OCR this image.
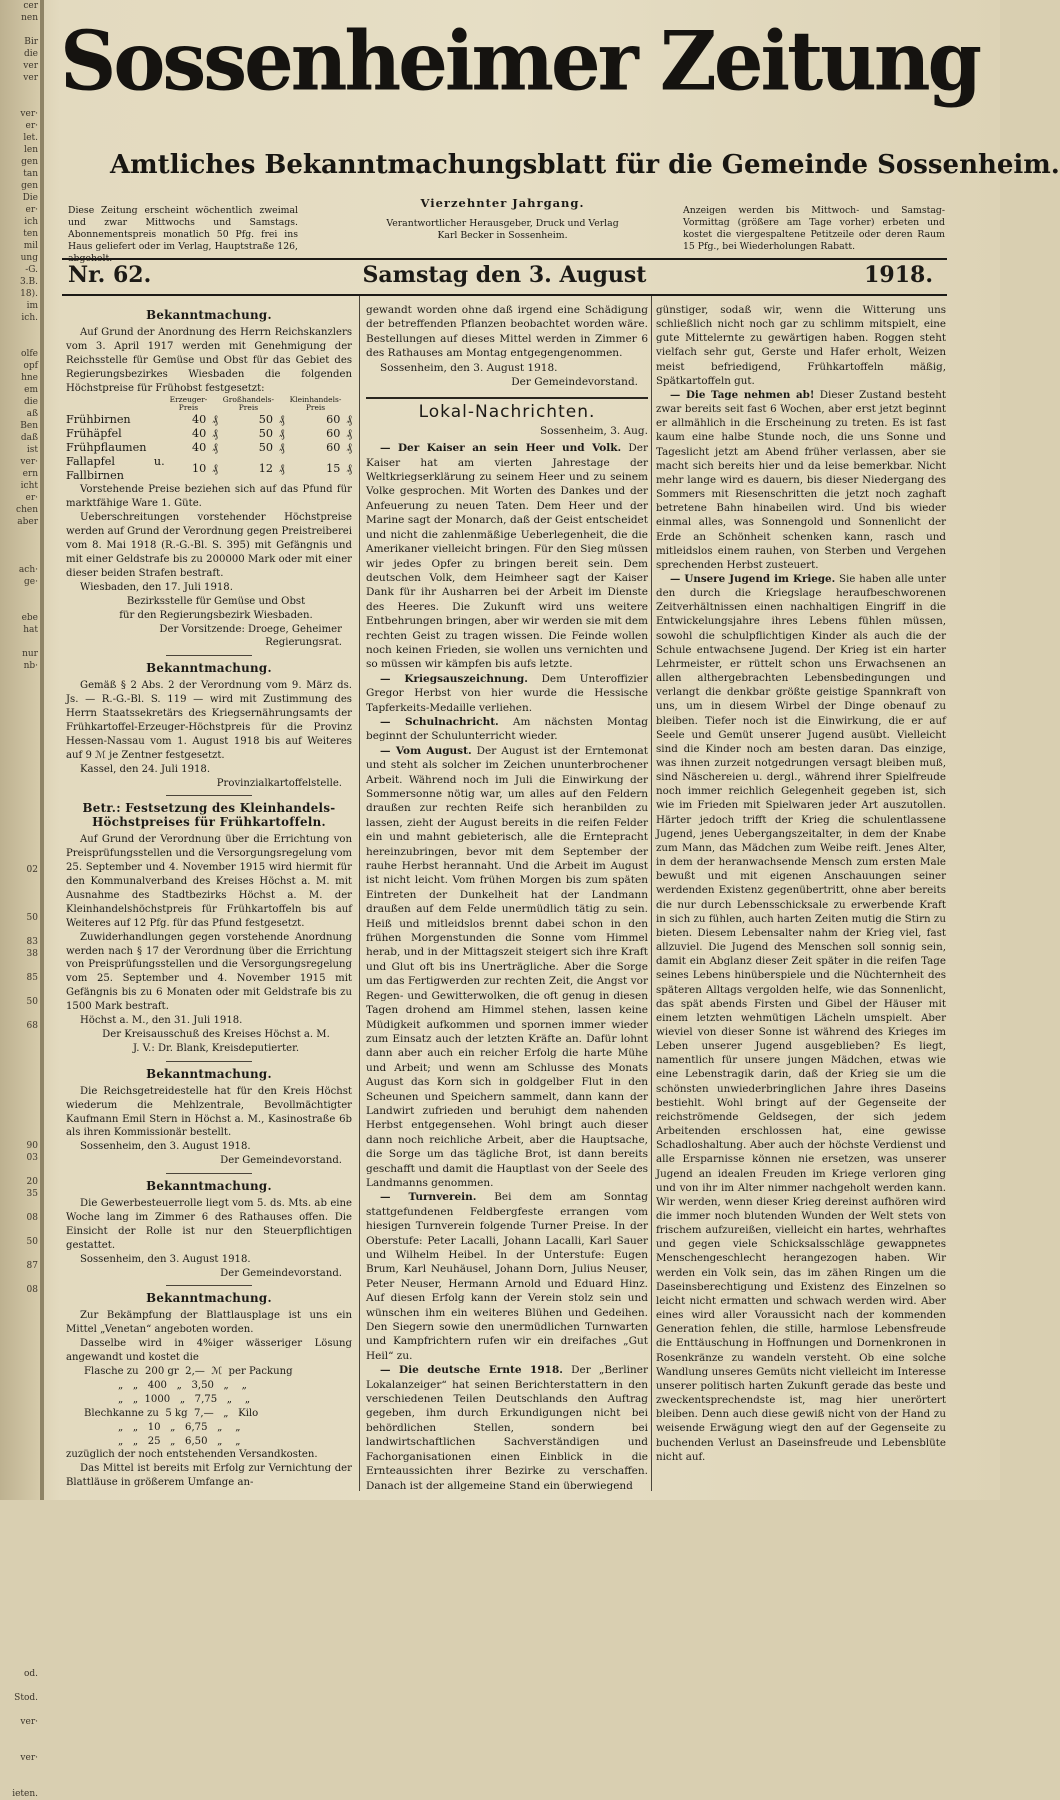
cer
nen
Bir
die
ver
ver
ver·
er·
let.
len
gen
tan
gen
Die
er·
ich
ten
mil
ung
-G.
3.B.
18).
im
ich.
olfe
opf
hne
em
die
aß
Ben
daß
ist
ver·
ern
icht
er·
chen
aber
ach·
ge·
ebe
hat
nur
nb·
02
50
83
38
85
50
68
90
03
20
35
08
50
87
08
od.
Stod.
ver·
ver·
ieten.
Sossenheimer Zeitung
Amtliches Bekanntmachungsblatt für die Gemeinde Sossenheim.
Diese Zeitung erscheint wöchentlich zweimal und zwar Mittwochs und Samstags. Abonnementspreis monatlich 50 Pfg. frei ins Haus geliefert oder im Verlag, Hauptstraße 126, abgeholt.
Vierzehnter Jahrgang.
Verantwortlicher Herausgeber, Druck und Verlag Karl Becker in Sossenheim.
Anzeigen werden bis Mittwoch- und Samstag-Vormittag (größere am Tage vorher) erbeten und kostet die viergespaltene Petitzeile oder deren Raum 15 Pfg., bei Wiederholungen Rabatt.
Nr. 62.	Samstag den 3. August	1918.
Bekanntmachung.

Auf Grund der Anordnung des Herrn Reichskanzlers vom 3. April 1917 werden mit Genehmigung der Reichsstelle für Gemüse und Obst für das Gebiet des Regierungsbezirkes Wiesbaden die folgenden Höchstpreise für Frühobst festgesetzt:

	Erzeuger-Preis		Großhandels-Preis		Kleinhandels-Preis	
Frühbirnen	40	₰	50	₰	60	₰
Frühäpfel	40	₰	50	₰	60	₰
Frühpflaumen	40	₰	50	₰	60	₰
Fallapfel u. Fallbirnen	10	₰	12	₰	15	₰

Vorstehende Preise beziehen sich auf das Pfund für marktfähige Ware 1. Güte.

Ueberschreitungen vorstehender Höchstpreise werden auf Grund der Verordnung gegen Preistreiberei vom 8. Mai 1918 (R.-G.-Bl. S. 395) mit Gefängnis und mit einer Geldstrafe bis zu 200000 Mark oder mit einer dieser beiden Strafen bestraft.

Wiesbaden, den 17. Juli 1918.

Bezirksstelle für Gemüse und Obst

für den Regierungsbezirk Wiesbaden.

Der Vorsitzende: Droege, Geheimer Regierungsrat.

Bekanntmachung.

Gemäß § 2 Abs. 2 der Verordnung vom 9. März ds. Js. — R.-G.-Bl. S. 119 — wird mit Zustimmung des Herrn Staatssekretärs des Kriegsernährungsamts der Frühkartoffel-Erzeuger-Höchstpreis für die Provinz Hessen-Nassau vom 1. August 1918 bis auf Weiteres auf 9 ℳ je Zentner festgesetzt.

Kassel, den 24. Juli 1918.

Provinzialkartoffelstelle.

Betr.: Festsetzung des Kleinhandels-Höchstpreises für Frühkartoffeln.

Auf Grund der Verordnung über die Errichtung von Preisprüfungsstellen und die Versorgungsregelung vom 25. September und 4. November 1915 wird hiermit für den Kommunalverband des Kreises Höchst a. M. mit Ausnahme des Stadtbezirks Höchst a. M. der Kleinhandelshöchstpreis für Frühkartoffeln bis auf Weiteres auf 12 Pfg. für das Pfund festgesetzt.

Zuwiderhandlungen gegen vorstehende Anordnung werden nach § 17 der Verordnung über die Errichtung von Preisprüfungsstellen und die Versorgungsregelung vom 25. September und 4. November 1915 mit Gefängnis bis zu 6 Monaten oder mit Geldstrafe bis zu 1500 Mark bestraft.

Höchst a. M., den 31. Juli 1918.

Der Kreisausschuß des Kreises Höchst a. M.

J. V.: Dr. Blank, Kreisdeputierter.

Bekanntmachung.

Die Reichsgetreidestelle hat für den Kreis Höchst wiederum die Mehlzentrale, Bevollmächtigter Kaufmann Emil Stern in Höchst a. M., Kasinostraße 6b als ihren Kommissionär bestellt.

Sossenheim, den 3. August 1918.

Der Gemeindevorstand.

Bekanntmachung.

Die Gewerbesteuerrolle liegt vom 5. ds. Mts. ab eine Woche lang im Zimmer 6 des Rathauses offen. Die Einsicht der Rolle ist nur den Steuerpflichtigen gestattet.

Sossenheim, den 3. August 1918.

Der Gemeindevorstand.

Bekanntmachung.

Zur Bekämpfung der Blattlausplage ist uns ein Mittel „Venetan“ angeboten worden.

Dasselbe wird in 4%iger wässeriger Lösung angewandt und kostet die

Flasche zu  200 gr  2,—  ℳ  per Packung

„   „   400   „   3,50   „    „

„   „  1000   „   7,75   „    „

Blechkanne zu  5 kg  7,—   „   Kilo

„   „   10   „   6,75   „    „

„   „   25   „   6,50   „    „

zuzüglich der noch entstehenden Versandkosten.

Das Mittel ist bereits mit Erfolg zur Vernichtung der Blattläuse in größerem Umfange an-

gewandt worden ohne daß irgend eine Schädigung der betreffenden Pflanzen beobachtet worden wäre. Bestellungen auf dieses Mittel werden in Zimmer 6 des Rathauses am Montag entgegengenommen.

Sossenheim, den 3. August 1918.

Der Gemeindevorstand.

Lokal-Nachrichten.
Sossenheim, 3. Aug.

— Der Kaiser an sein Heer und Volk. Der Kaiser hat am vierten Jahrestage der Weltkriegserklärung zu seinem Heer und zu seinem Volke gesprochen. Mit Worten des Dankes und der Anfeuerung zu neuen Taten. Dem Heer und der Marine sagt der Monarch, daß der Geist entscheidet und nicht die zahlenmäßige Ueberlegenheit, die die Amerikaner vielleicht bringen. Für den Sieg müssen wir jedes Opfer zu bringen bereit sein. Dem deutschen Volk, dem Heimheer sagt der Kaiser Dank für ihr Ausharren bei der Arbeit im Dienste des Heeres. Die Zukunft wird uns weitere Entbehrungen bringen, aber wir werden sie mit dem rechten Geist zu tragen wissen. Die Feinde wollen noch keinen Frieden, sie wollen uns vernichten und so müssen wir kämpfen bis aufs letzte.

— Kriegsauszeichnung. Dem Unteroffizier Gregor Herbst von hier wurde die Hessische Tapferkeits-Medaille verliehen.

— Schulnachricht. Am nächsten Montag beginnt der Schulunterricht wieder.

— Vom August. Der August ist der Erntemonat und steht als solcher im Zeichen ununterbrochener Arbeit. Während noch im Juli die Einwirkung der Sommersonne nötig war, um alles auf den Feldern draußen zur rechten Reife sich heranbilden zu lassen, zieht der August bereits in die reifen Felder ein und mahnt gebieterisch, alle die Erntepracht hereinzubringen, bevor mit dem September der rauhe Herbst herannaht. Und die Arbeit im August ist nicht leicht. Vom frühen Morgen bis zum späten Eintreten der Dunkelheit hat der Landmann draußen auf dem Felde unermüdlich tätig zu sein. Heiß und mitleidslos brennt dabei schon in den frühen Morgenstunden die Sonne vom Himmel herab, und in der Mittagszeit steigert sich ihre Kraft und Glut oft bis ins Unerträgliche. Aber die Sorge um das Fertigwerden zur rechten Zeit, die Angst vor Regen- und Gewitterwolken, die oft genug in diesen Tagen drohend am Himmel stehen, lassen keine Müdigkeit aufkommen und spornen immer wieder zum Einsatz auch der letzten Kräfte an. Dafür lohnt dann aber auch ein reicher Erfolg die harte Mühe und Arbeit; und wenn am Schlusse des Monats August das Korn sich in goldgelber Flut in den Scheunen und Speichern sammelt, dann kann der Landwirt zufrieden und beruhigt dem nahenden Herbst entgegensehen. Wohl bringt auch dieser dann noch reichliche Arbeit, aber die Hauptsache, die Sorge um das tägliche Brot, ist dann bereits geschafft und damit die Hauptlast von der Seele des Landmanns genommen.

— Turnverein. Bei dem am Sonntag stattgefundenen Feldbergfeste errangen vom hiesigen Turnverein folgende Turner Preise. In der Oberstufe: Peter Lacalli, Johann Lacalli, Karl Sauer und Wilhelm Heibel. In der Unterstufe: Eugen Brum, Karl Neuhäusel, Johann Dorn, Julius Neuser, Peter Neuser, Hermann Arnold und Eduard Hinz. Auf diesen Erfolg kann der Verein stolz sein und wünschen ihm ein weiteres Blühen und Gedeihen. Den Siegern sowie den unermüdlichen Turnwarten und Kampfrichtern rufen wir ein dreifaches „Gut Heil“ zu.

— Die deutsche Ernte 1918. Der „Berliner Lokalanzeiger“ hat seinen Berichterstattern in den verschiedenen Teilen Deutschlands den Auftrag gegeben, ihm durch Erkundigungen nicht bei behördlichen Stellen, sondern bei landwirtschaftlichen Sachverständigen und Fachorganisationen einen Einblick in die Ernteaussichten ihrer Bezirke zu verschaffen. Danach ist der allgemeine Stand ein überwiegend

günstiger, sodaß wir, wenn die Witterung uns schließlich nicht noch gar zu schlimm mitspielt, eine gute Mittelernte zu gewärtigen haben. Roggen steht vielfach sehr gut, Gerste und Hafer erholt, Weizen meist befriedigend, Frühkartoffeln mäßig, Spätkartoffeln gut.

— Die Tage nehmen ab! Dieser Zustand besteht zwar bereits seit fast 6 Wochen, aber erst jetzt beginnt er allmählich in die Erscheinung zu treten. Es ist fast kaum eine halbe Stunde noch, die uns Sonne und Tageslicht jetzt am Abend früher verlassen, aber sie macht sich bereits hier und da leise bemerkbar. Nicht mehr lange wird es dauern, bis dieser Niedergang des Sommers mit Riesenschritten die jetzt noch zaghaft betretene Bahn hinabeilen wird. Und bis wieder einmal alles, was Sonnengold und Sonnenlicht der Erde an Schönheit schenken kann, rasch und mitleidslos einem rauhen, von Sterben und Vergehen sprechenden Herbst zusteuert.

— Unsere Jugend im Kriege. Sie haben alle unter den durch die Kriegslage heraufbeschworenen Zeitverhältnissen einen nachhaltigen Eingriff in die Entwickelungsjahre ihres Lebens fühlen müssen, sowohl die schulpflichtigen Kinder als auch die der Schule entwachsene Jugend. Der Krieg ist ein harter Lehrmeister, er rüttelt schon uns Erwachsenen an allen althergebrachten Lebensbedingungen und verlangt die denkbar größte geistige Spannkraft von uns, um in diesem Wirbel der Dinge obenauf zu bleiben. Tiefer noch ist die Einwirkung, die er auf Seele und Gemüt unserer Jugend ausübt. Vielleicht sind die Kinder noch am besten daran. Das einzige, was ihnen zurzeit notgedrungen versagt bleiben muß, sind Näschereien u. dergl., während ihrer Spielfreude noch immer reichlich Gelegenheit gegeben ist, sich wie im Frieden mit Spielwaren jeder Art auszutollen. Härter jedoch trifft der Krieg die schulentlassene Jugend, jenes Uebergangszeitalter, in dem der Knabe zum Mann, das Mädchen zum Weibe reift. Jenes Alter, in dem der heranwachsende Mensch zum ersten Male bewußt und mit eigenen Anschauungen seiner werdenden Existenz gegenübertritt, ohne aber bereits die nur durch Lebensschicksale zu erwerbende Kraft in sich zu fühlen, auch harten Zeiten mutig die Stirn zu bieten. Diesem Lebensalter nahm der Krieg viel, fast allzuviel. Die Jugend des Menschen soll sonnig sein, damit ein Abglanz dieser Zeit später in die reifen Tage seines Lebens hinüberspiele und die Nüchternheit des späteren Alltags vergolden helfe, wie das Sonnenlicht, das spät abends Firsten und Gibel der Häuser mit einem letzten wehmütigen Lächeln umspielt. Aber wieviel von dieser Sonne ist während des Krieges im Leben unserer Jugend ausgeblieben? Es liegt, namentlich für unsere jungen Mädchen, etwas wie eine Lebenstragik darin, daß der Krieg sie um die schönsten unwiederbringlichen Jahre ihres Daseins bestiehlt. Wohl bringt auf der Gegenseite der reichströmende Geldsegen, der sich jedem Arbeitenden erschlossen hat, eine gewisse Schadloshaltung. Aber auch der höchste Verdienst und alle Ersparnisse können nie ersetzen, was unserer Jugend an idealen Freuden im Kriege verloren ging und von ihr im Alter nimmer nachgeholt werden kann. Wir werden, wenn dieser Krieg dereinst aufhören wird die immer noch blutenden Wunden der Welt stets von frischem aufzureißen, vielleicht ein hartes, wehrhaftes und gegen viele Schicksalsschläge gewappnetes Menschengeschlecht herangezogen haben. Wir werden ein Volk sein, das im zähen Ringen um die Daseinsberechtigung und Existenz des Einzelnen so leicht nicht ermatten und schwach werden wird. Aber eines wird aller Voraussicht nach der kommenden Generation fehlen, die stille, harmlose Lebensfreude die Enttäuschung in Hoffnungen und Dornenkronen in Rosenkränze zu wandeln versteht. Ob eine solche Wandlung unseres Gemüts nicht vielleicht im Interesse unserer politisch harten Zukunft gerade das beste und zweckentsprechendste ist, mag hier unerörtert bleiben. Denn auch diese gewiß nicht von der Hand zu weisende Erwägung wiegt den auf der Gegenseite zu buchenden Verlust an Daseinsfreude und Lebensblüte nicht auf.
